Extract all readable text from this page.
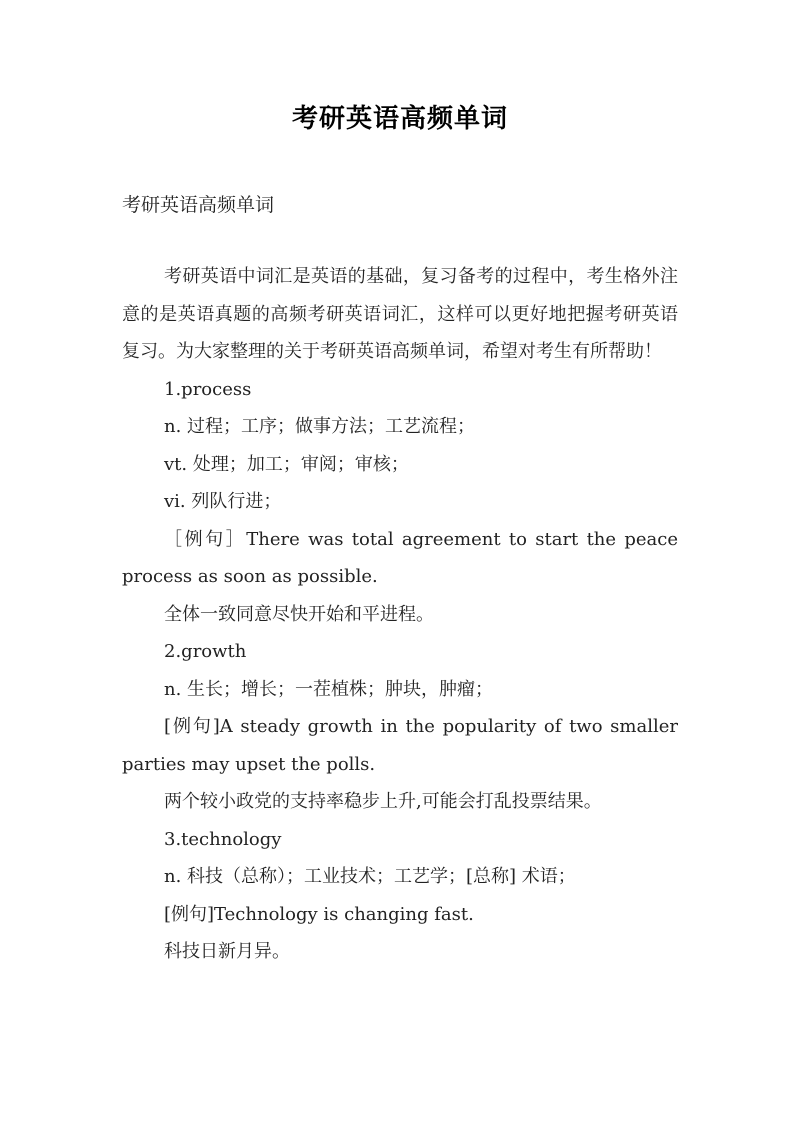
考研英语高频单词
考研英语高频单词

考研英语中词汇是英语的基础，复习备考的过程中，考生格外注意的是英语真题的高频考研英语词汇，这样可以更好地把握考研英语复习。为大家整理的关于考研英语高频单词，希望对考生有所帮助！

1.process

n. 过程；工序；做事方法；工艺流程；

vt. 处理；加工；审阅；审核；

vi. 列队行进；

［例句］There was total agreement to start the peace process as soon as possible.

全体一致同意尽快开始和平进程。

2.growth

n. 生长；增长；一茬植株；肿块，肿瘤；

[例句]A steady growth in the popularity of two smaller parties may upset the polls.

两个较小政党的支持率稳步上升,可能会打乱投票结果。

3.technology

n. 科技（总称）；工业技术；工艺学；[总称] 术语；

[例句]Technology is changing fast.

科技日新月异。
